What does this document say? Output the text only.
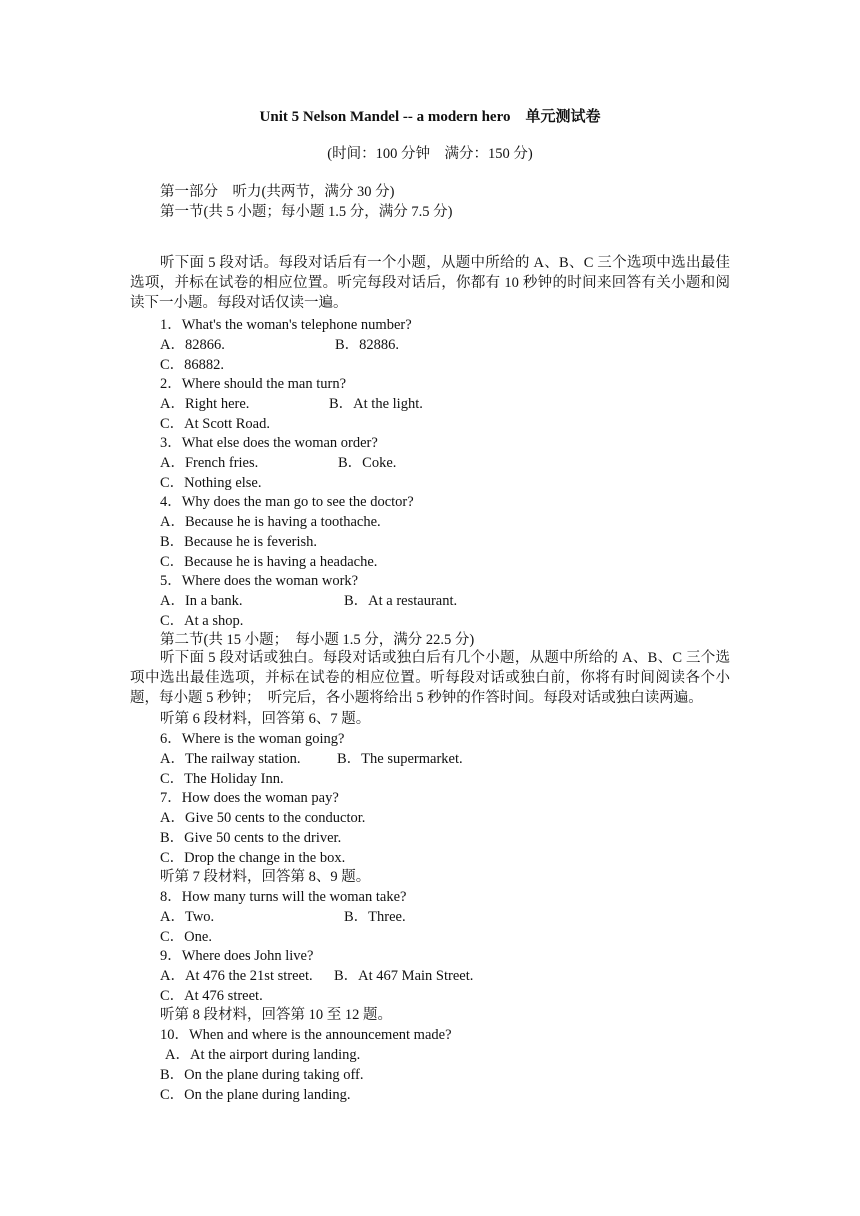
Unit 5 Nelson Mandel -- a modern hero　单元测试卷
(时间：100 分钟　满分：150 分)
第一部分　听力(共两节，满分 30 分)
第一节(共 5 小题；每小题 1.5 分，满分 7.5 分)
听下面 5 段对话。每段对话后有一个小题，从题中所给的 A、B、C 三个选项中选出最佳选项，并标在试卷的相应位置。听完每段对话后，你都有 10 秒钟的时间来回答有关小题和阅读下一小题。每段对话仅读一遍。
1．What's the woman's telephone number?
A．82866.	B．82886.
C．86882.
2．Where should the man turn?
A．Right here.	B．At the light.
C．At Scott Road.
3．What else does the woman order?
A．French fries.	B．Coke.
C．Nothing else.
4．Why does the man go to see the doctor?
A．Because he is having a toothache.
B．Because he is feverish.
C．Because he is having a headache.
5．Where does the woman work?
A．In a bank.	B．At a restaurant.
C．At a shop.
第二节(共 15 小题；　每小题 1.5 分，满分 22.5 分)
听下面 5 段对话或独白。每段对话或独白后有几个小题，从题中所给的 A、B、C 三个选项中选出最佳选项，并标在试卷的相应位置。听每段对话或独白前，你将有时间阅读各个小题，每小题 5 秒钟；　听完后，各小题将给出 5 秒钟的作答时间。每段对话或独白读两遍。
听第 6 段材料，回答第 6、7 题。
6．Where is the woman going?
A．The railway station.	B．The supermarket.
C．The Holiday Inn.
7．How does the woman pay?
A．Give 50 cents to the conductor.
B．Give 50 cents to the driver.
C．Drop the change in the box.
听第 7 段材料，回答第 8、9 题。
8．How many turns will the woman take?
A．Two.	B．Three.
C．One.
9．Where does John live?
A．At 476 the 21st street. B．At 467 Main Street.
C．At 476 street.
听第 8 段材料，回答第 10 至 12 题。
10．When and where is the announcement made?
A．At the airport during landing.
B．On the plane during taking off.
C．On the plane during landing.
